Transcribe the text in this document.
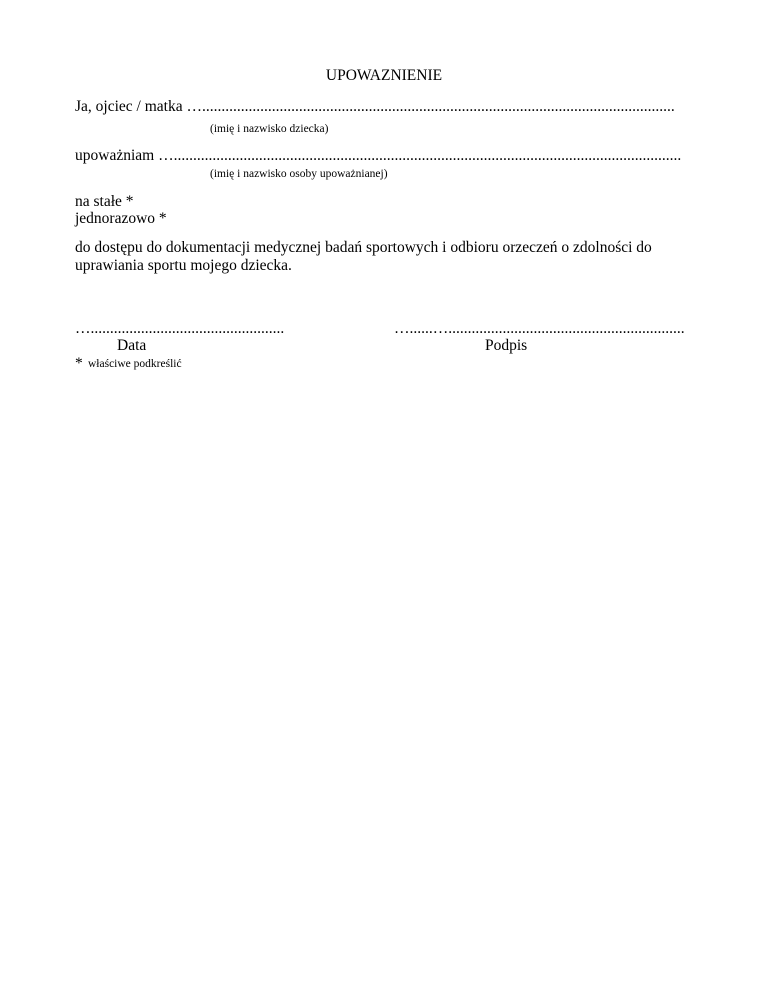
UPOWAZNIENIE
Ja, ojciec / matka …..........................................................................................................................
(imię i nazwisko dziecka)
upoważniam …...................................................................................................................................
(imię i nazwisko osoby upoważnianej)
na stałe *
jednorazowo *
do dostępu do dokumentacji medycznej badań sportowych i odbioru orzeczeń o zdolności do
uprawiania sportu mojego dziecka.
…..................................................
Data
…......….............................................................
Podpis
* właściwe podkreślić
